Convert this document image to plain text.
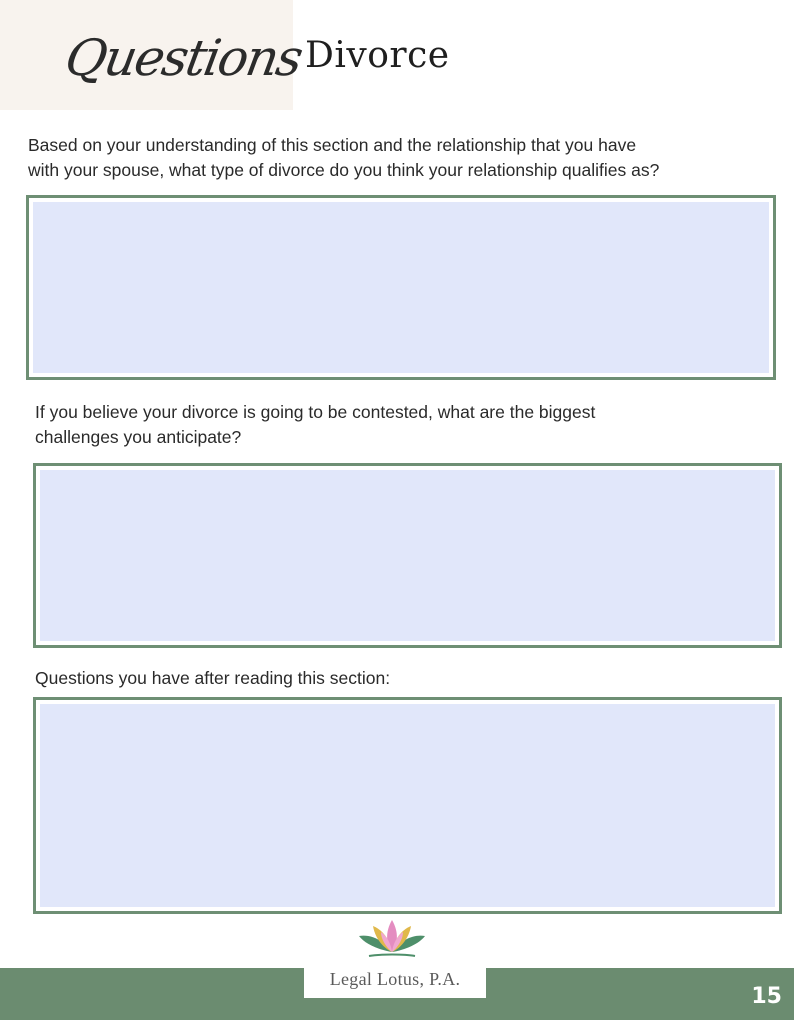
Questions Divorce

Based on your understanding of this section and the relationship that you have
with your spouse, what type of divorce do you think your relationship qualifies as?

If you believe your divorce is going to be contested, what are the biggest
challenges you anticipate?

Questions you have after reading this section:

Legal Lotus, P.A.
15
